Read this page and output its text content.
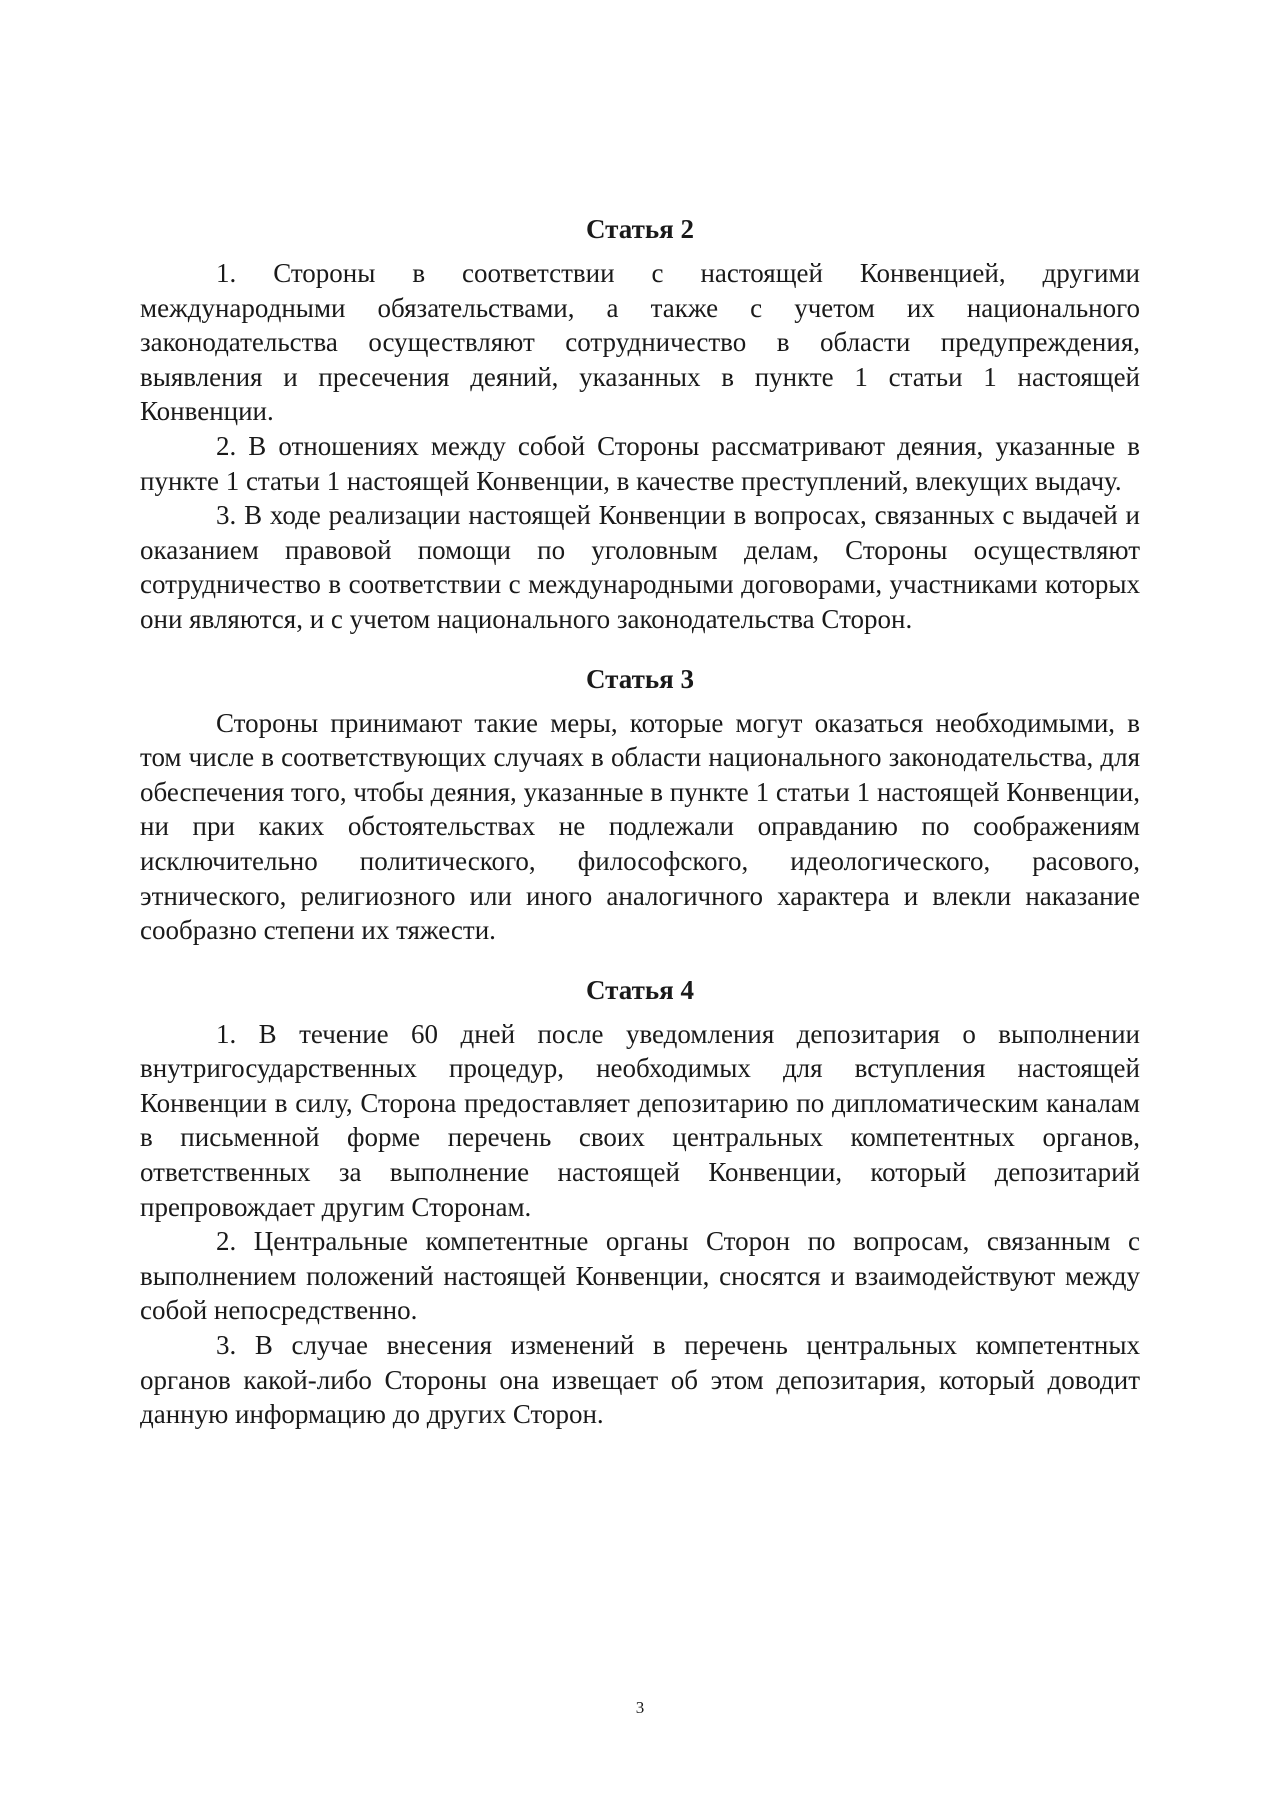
Статья 2

1. Стороны в соответствии с настоящей Конвенцией, другими международными обязательствами, а также с учетом их национального законодательства осуществляют сотрудничество в области предупреждения, выявления и пресечения деяний, указанных в пункте 1 статьи 1 настоящей Конвенции.

2. В отношениях между собой Стороны рассматривают деяния, указанные в пункте 1 статьи 1 настоящей Конвенции, в качестве преступлений, влекущих выдачу.

3. В ходе реализации настоящей Конвенции в вопросах, связанных с выдачей и оказанием правовой помощи по уголовным делам, Стороны осуществляют сотрудничество в соответствии с международными договорами, участниками которых они являются, и с учетом национального законодательства Сторон.

Статья 3

Стороны принимают такие меры, которые могут оказаться необходимыми, в том числе в соответствующих случаях в области национального законодательства, для обеспечения того, чтобы деяния, указанные в пункте 1 статьи 1 настоящей Конвенции, ни при каких обстоятельствах не подлежали оправданию по соображениям исключительно политического, философского, идеологического, расового, этнического, религиозного или иного аналогичного характера и влекли наказание сообразно степени их тяжести.

Статья 4

1. В течение 60 дней после уведомления депозитария о выполнении внутригосударственных процедур, необходимых для вступления настоящей Конвенции в силу, Сторона предоставляет депозитарию по дипломатическим каналам в письменной форме перечень своих центральных компетентных органов, ответственных за выполнение настоящей Конвенции, который депозитарий препровождает другим Сторонам.

2. Центральные компетентные органы Сторон по вопросам, связанным с выполнением положений настоящей Конвенции, сносятся и взаимодействуют между собой непосредственно.

3. В случае внесения изменений в перечень центральных компетентных органов какой-либо Стороны она извещает об этом депозитария, который доводит данную информацию до других Сторон.

3
